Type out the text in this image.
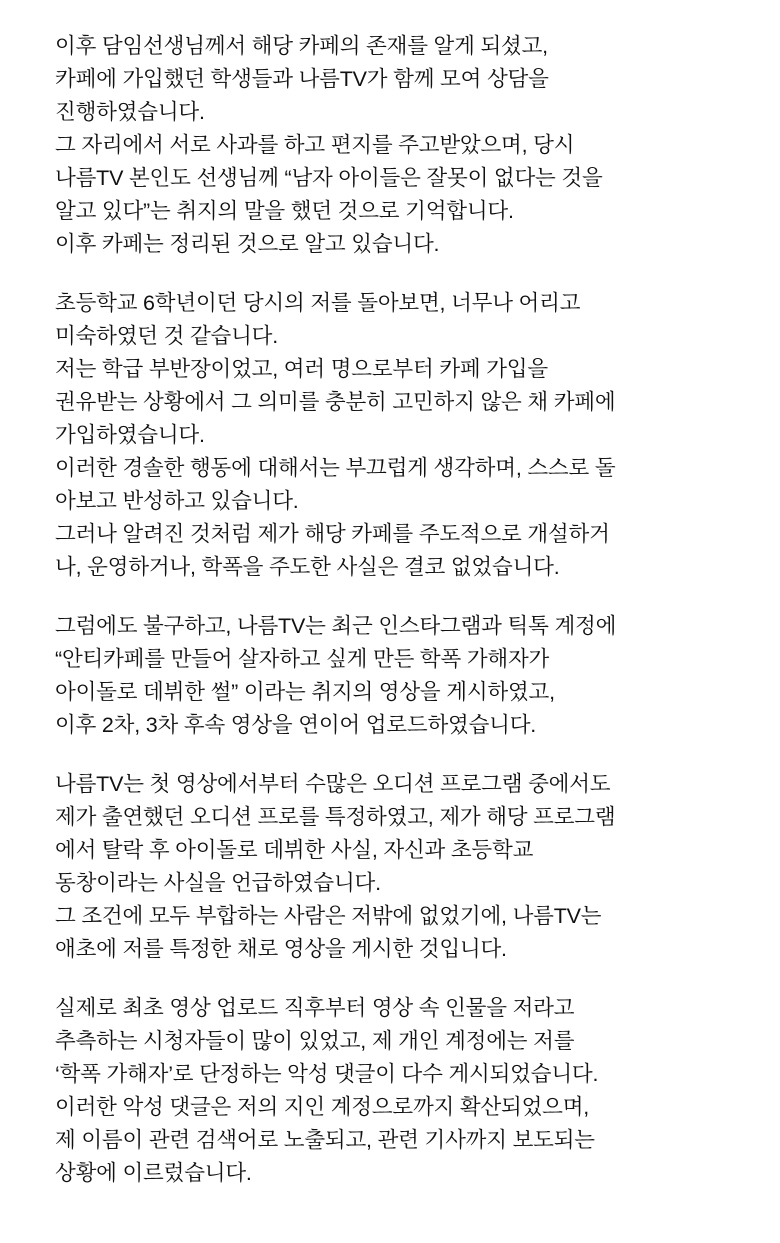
이후 담임선생님께서 해당 카페의 존재를 알게 되셨고,
카페에 가입했던 학생들과 나름TV가 함께 모여 상담을
진행하였습니다.
그 자리에서 서로 사과를 하고 편지를 주고받았으며, 당시
나름TV 본인도 선생님께 “남자 아이들은 잘못이 없다는 것을
알고 있다”는 취지의 말을 했던 것으로 기억합니다.
이후 카페는 정리된 것으로 알고 있습니다.
초등학교 6학년이던 당시의 저를 돌아보면, 너무나 어리고
미숙하였던 것 같습니다.
저는 학급 부반장이었고, 여러 명으로부터 카페 가입을
권유받는 상황에서 그 의미를 충분히 고민하지 않은 채 카페에
가입하였습니다.
이러한 경솔한 행동에 대해서는 부끄럽게 생각하며, 스스로 돌
아보고 반성하고 있습니다.
그러나 알려진 것처럼 제가 해당 카페를 주도적으로 개설하거
나, 운영하거나, 학폭을 주도한 사실은 결코 없었습니다.
그럼에도 불구하고, 나름TV는 최근 인스타그램과 틱톡 계정에
“안티카페를 만들어 살자하고 싶게 만든 학폭 가해자가
아이돌로 데뷔한 썰” 이라는 취지의 영상을 게시하였고,
이후 2차, 3차 후속 영상을 연이어 업로드하였습니다.
나름TV는 첫 영상에서부터 수많은 오디션 프로그램 중에서도
제가 출연했던 오디션 프로를 특정하였고, 제가 해당 프로그램
에서 탈락 후 아이돌로 데뷔한 사실, 자신과 초등학교
동창이라는 사실을 언급하였습니다.
그 조건에 모두 부합하는 사람은 저밖에 없었기에, 나름TV는
애초에 저를 특정한 채로 영상을 게시한 것입니다.
실제로 최초 영상 업로드 직후부터 영상 속 인물을 저라고
추측하는 시청자들이 많이 있었고, 제 개인 계정에는 저를
‘학폭 가해자’로 단정하는 악성 댓글이 다수 게시되었습니다.
이러한 악성 댓글은 저의 지인 계정으로까지 확산되었으며,
제 이름이 관련 검색어로 노출되고, 관련 기사까지 보도되는
상황에 이르렀습니다.
